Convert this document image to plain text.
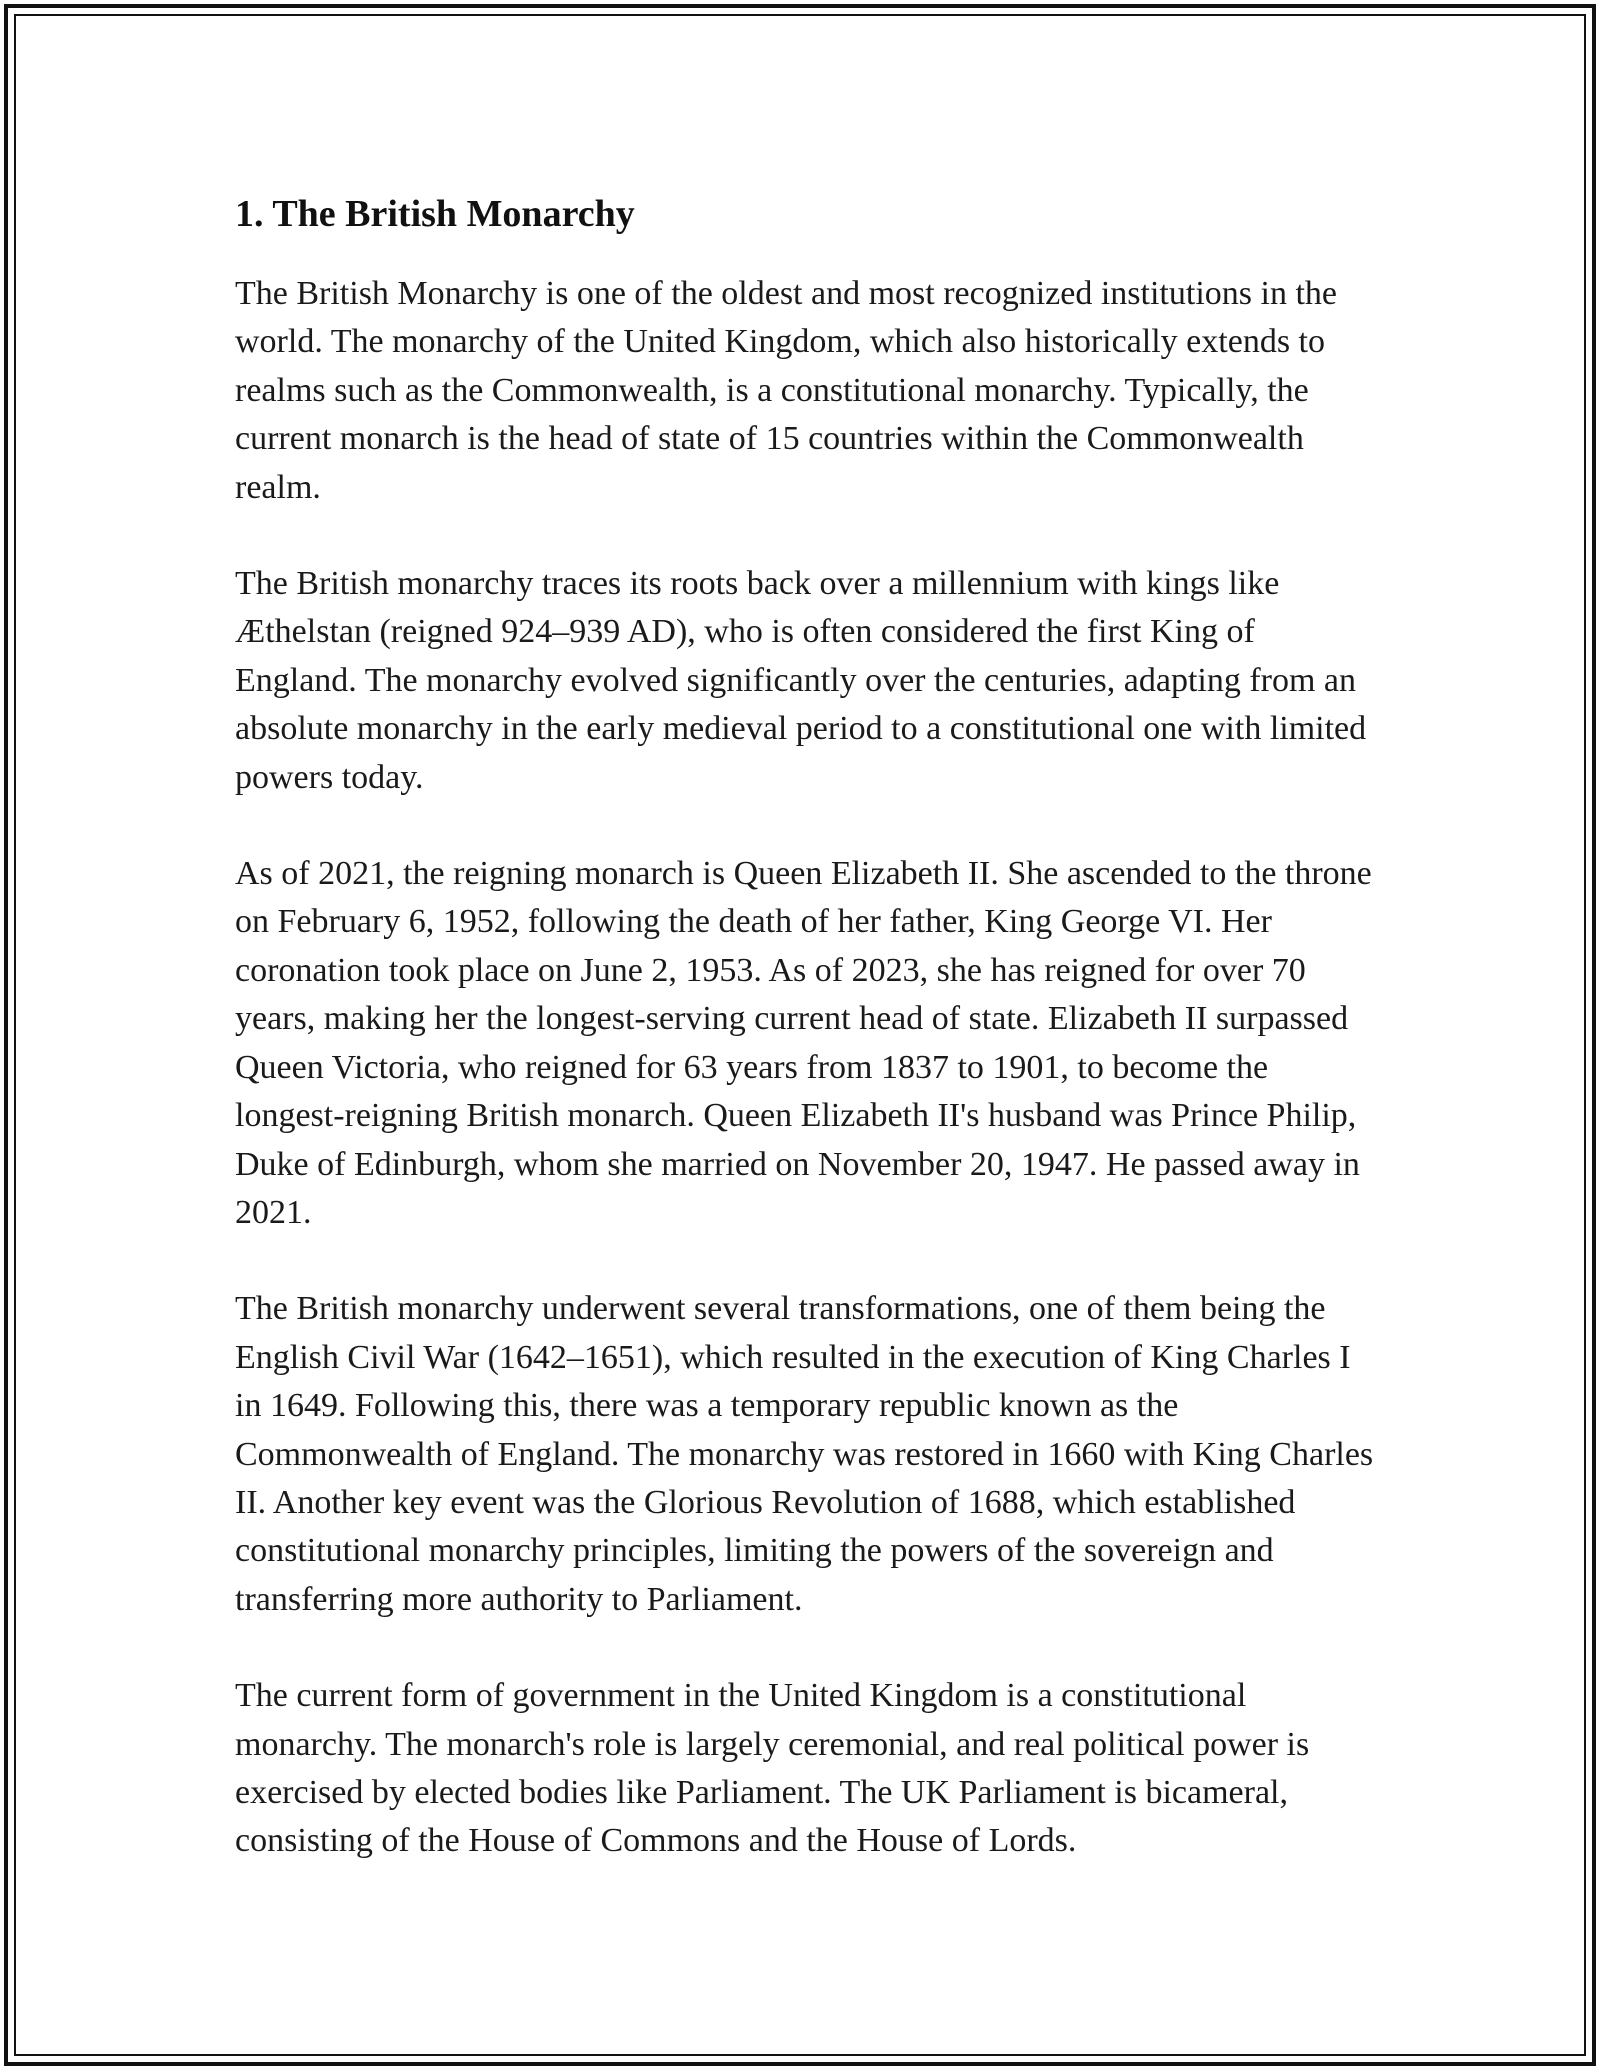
1. The British Monarchy

The British Monarchy is one of the oldest and most recognized institutions in the world. The monarchy of the United Kingdom, which also historically extends to realms such as the Commonwealth, is a constitutional monarchy. Typically, the current monarch is the head of state of 15 countries within the Commonwealth realm.

The British monarchy traces its roots back over a millennium with kings like Æthelstan (reigned 924–939 AD), who is often considered the first King of England. The monarchy evolved significantly over the centuries, adapting from an absolute monarchy in the early medieval period to a constitutional one with limited powers today.

As of 2021, the reigning monarch is Queen Elizabeth II. She ascended to the throne on February 6, 1952, following the death of her father, King George VI. Her coronation took place on June 2, 1953. As of 2023, she has reigned for over 70 years, making her the longest-serving current head of state. Elizabeth II surpassed Queen Victoria, who reigned for 63 years from 1837 to 1901, to become the longest-reigning British monarch. Queen Elizabeth II's husband was Prince Philip, Duke of Edinburgh, whom she married on November 20, 1947. He passed away in 2021.

The British monarchy underwent several transformations, one of them being the English Civil War (1642–1651), which resulted in the execution of King Charles I in 1649. Following this, there was a temporary republic known as the Commonwealth of England. The monarchy was restored in 1660 with King Charles II. Another key event was the Glorious Revolution of 1688, which established constitutional monarchy principles, limiting the powers of the sovereign and transferring more authority to Parliament.

The current form of government in the United Kingdom is a constitutional monarchy. The monarch's role is largely ceremonial, and real political power is exercised by elected bodies like Parliament. The UK Parliament is bicameral, consisting of the House of Commons and the House of Lords.
